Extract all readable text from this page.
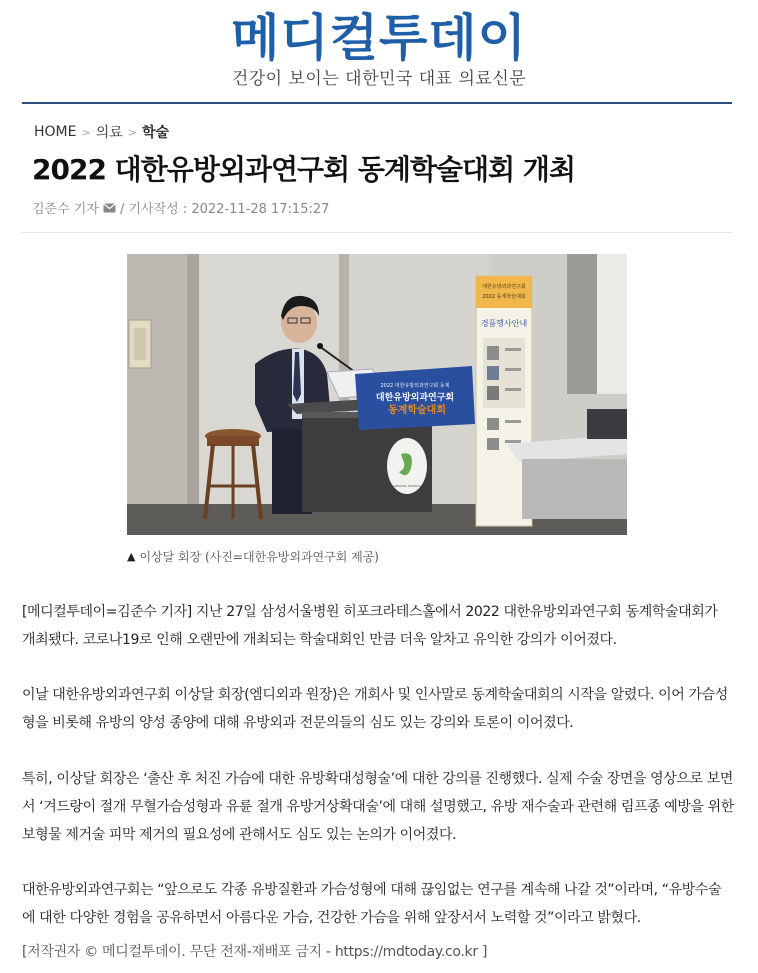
메디컬투데이
건강이 보이는 대한민국 대표 의료신문
HOME > 의료 > 학술
2022 대한유방외과연구회 동계학술대회 개최
김준수 기자 / 기사작성 : 2022-11-28 17:15:27
2022 대한유방외과연구회 동계
대한유방외과연구회
동계학술대회
SAMSUNG HOSPITAL
대한유방외과연구회
2022 동계학술대회
경품행사안내
▲ 이상달 회장 (사진=대한유방외과연구회 제공)

[메디컬투데이=김준수 기자] 지난 27일 삼성서울병원 히포크라테스홀에서 2022 대한유방외과연구회 동계학술대회가 개최됐다. 코로나19로 인해 오랜만에 개최되는 학술대회인 만큼 더욱 알차고 유익한 강의가 이어졌다.

이날 대한유방외과연구회 이상달 회장(엠디외과 원장)은 개회사 및 인사말로 동계학술대회의 시작을 알렸다. 이어 가슴성형을 비롯해 유방의 양성 종양에 대해 유방외과 전문의들의 심도 있는 강의와 토론이 이어졌다.

특히, 이상달 회장은 ‘출산 후 처진 가슴에 대한 유방확대성형술’에 대한 강의를 진행했다. 실제 수술 장면을 영상으로 보면서 ‘겨드랑이 절개 무혈가슴성형과 유륜 절개 유방거상확대술’에 대해 설명했고, 유방 재수술과 관련해 림프종 예방을 위한 보형물 제거술 피막 제거의 필요성에 관해서도 심도 있는 논의가 이어졌다.

대한유방외과연구회는 “앞으로도 각종 유방질환과 가슴성형에 대해 끊임없는 연구를 계속해 나갈 것”이라며, “유방수술에 대한 다양한 경험을 공유하면서 아름다운 가슴, 건강한 가슴을 위해 앞장서서 노력할 것”이라고 밝혔다.

[저작권자 © 메디컬투데이. 무단 전재-재배포 금지 - https://mdtoday.co.kr ]
